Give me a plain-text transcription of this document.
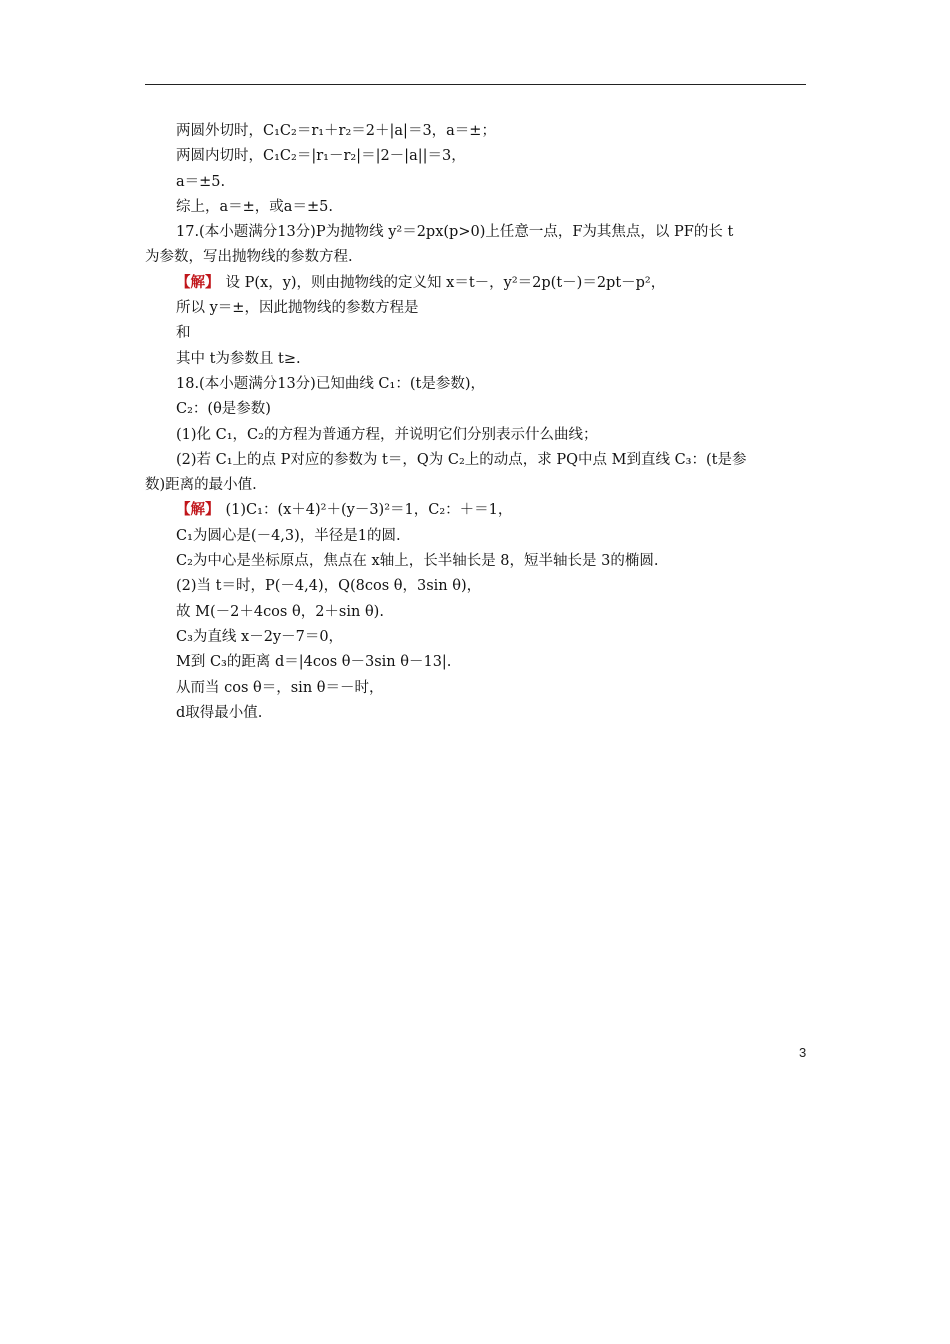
两圆外切时，C₁C₂＝r₁＋r₂＝2＋|a|＝3，a＝±；
两圆内切时，C₁C₂＝|r₁－r₂|＝|2－|a||＝3，
a＝±5.
综上，a＝±，或a＝±5.
17.(本小题满分13分)P为抛物线 y²＝2px(p>0)上任意一点，F为其焦点，以 PF的长 t
为参数，写出抛物线的参数方程.
【解】 设 P(x，y)，则由抛物线的定义知 x＝t－，y²＝2p(t－)＝2pt－p²，
所以 y＝±，因此抛物线的参数方程是
和
其中 t为参数且 t≥.
18.(本小题满分13分)已知曲线 C₁：(t是参数)，
C₂：(θ是参数)
(1)化 C₁，C₂的方程为普通方程，并说明它们分别表示什么曲线；
(2)若 C₁上的点 P对应的参数为 t＝，Q为 C₂上的动点，求 PQ中点 M到直线 C₃：(t是参
数)距离的最小值.
【解】 (1)C₁：(x＋4)²＋(y－3)²＝1，C₂：＋＝1，
C₁为圆心是(－4,3)，半径是1的圆.
C₂为中心是坐标原点，焦点在 x轴上，长半轴长是 8，短半轴长是 3的椭圆.
(2)当 t＝时，P(－4,4)，Q(8cos θ，3sin θ)，
故 M(－2＋4cos θ，2＋sin θ).
C₃为直线 x－2y－7＝0，
M到 C₃的距离 d＝|4cos θ－3sin θ－13|.
从而当 cos θ＝，sin θ＝－时，
d取得最小值.
3
